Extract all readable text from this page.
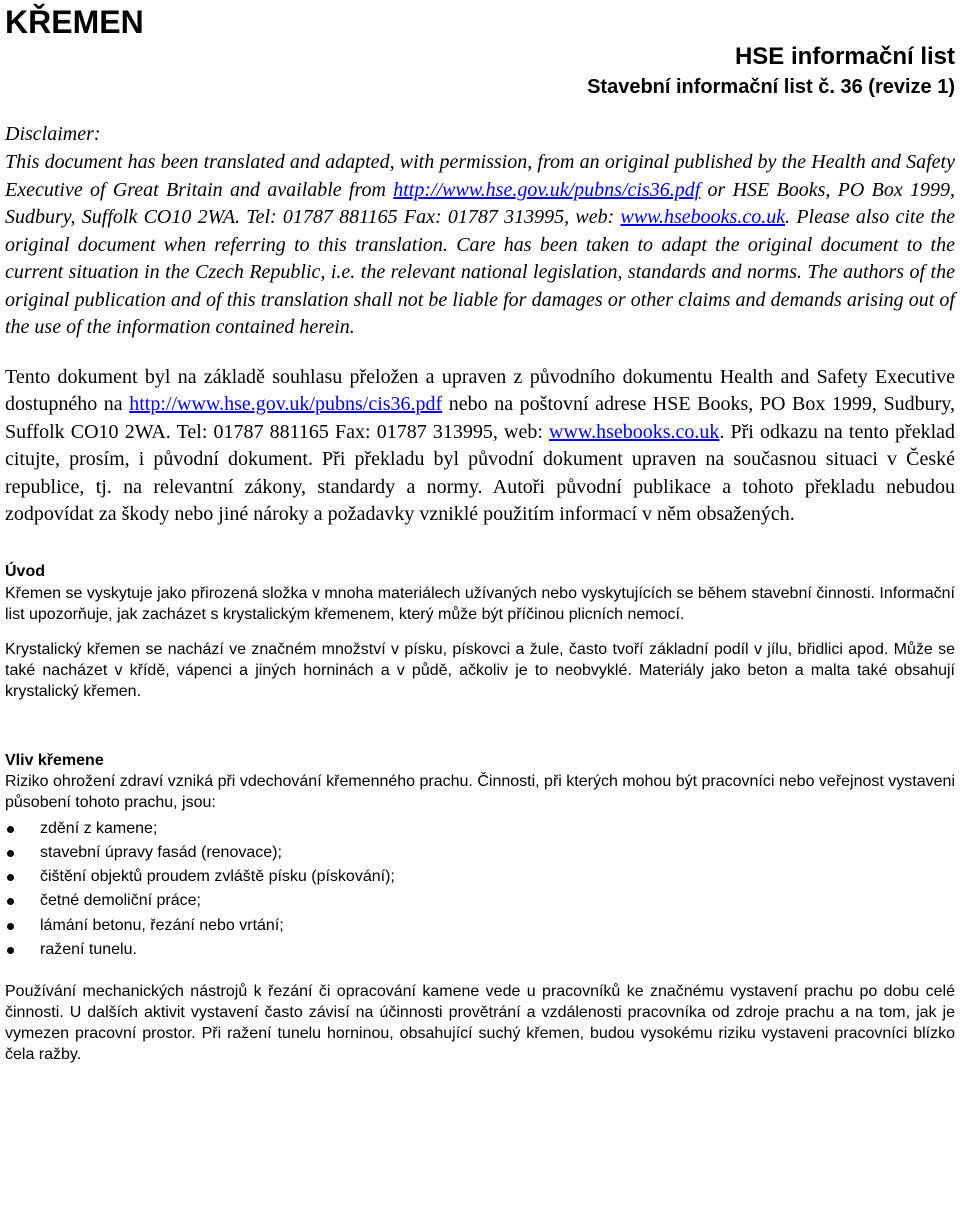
KŘEMEN
HSE informační list
Stavební informační list č. 36 (revize 1)
Disclaimer:

This document has been translated and adapted, with permission, from an original published by the Health and Safety Executive of Great Britain and available from http://www.hse.gov.uk/pubns/cis36.pdf or HSE Books, PO Box 1999, Sudbury, Suffolk CO10 2WA. Tel: 01787 881165 Fax: 01787 313995, web: www.hsebooks.co.uk. Please also cite the original document when referring to this translation. Care has been taken to adapt the original document to the current situation in the Czech Republic, i.e. the relevant national legislation, standards and norms. The authors of the original publication and of this translation shall not be liable for damages or other claims and demands arising out of the use of the information contained herein.

Tento dokument byl na základě souhlasu přeložen a upraven z původního dokumentu Health and Safety Executive dostupného na http://www.hse.gov.uk/pubns/cis36.pdf nebo na poštovní adrese HSE Books, PO Box 1999, Sudbury, Suffolk CO10 2WA. Tel: 01787 881165 Fax: 01787 313995, web: www.hsebooks.co.uk. Při odkazu na tento překlad citujte, prosím, i původní dokument. Při překladu byl původní dokument upraven na současnou situaci v České republice, tj. na relevantní zákony, standardy a normy. Autoři původní publikace a tohoto překladu nebudou zodpovídat za škody nebo jiné nároky a požadavky vzniklé použitím informací v něm obsažených.

Úvod

Křemen se vyskytuje jako přirozená složka v mnoha materiálech užívaných nebo vyskytujících se během stavební činnosti. Informační list upozorňuje, jak zacházet s krystalickým křemenem, který může být příčinou plicních nemocí.

Krystalický křemen se nachází ve značném množství v písku, pískovci a žule, často tvoří základní podíl v jílu, břidlici apod. Může se také nacházet v křídě, vápenci a jiných horninách a v půdě, ačkoliv je to neobvyklé. Materiály jako beton a malta také obsahují krystalický křemen.

Vliv křemene

Riziko ohrožení zdraví vzniká při vdechování křemenného prachu. Činnosti, při kterých mohou být pracovníci nebo veřejnost vystaveni působení tohoto prachu, jsou:

zdění z kamene;
stavební úpravy fasád (renovace);
čištění objektů proudem zvláště písku (pískování);
četné demoliční práce;
lámání betonu, řezání nebo vrtání;
ražení tunelu.

Používání mechanických nástrojů k řezání či opracování kamene vede u pracovníků ke značnému vystavení prachu po dobu celé činnosti. U dalších aktivit vystavení často závisí na účinnosti provětrání a vzdálenosti pracovníka od zdroje prachu a na tom, jak je vymezen pracovní prostor. Při ražení tunelu horninou, obsahující suchý křemen, budou vysokému riziku vystaveni pracovníci blízko čela ražby.
